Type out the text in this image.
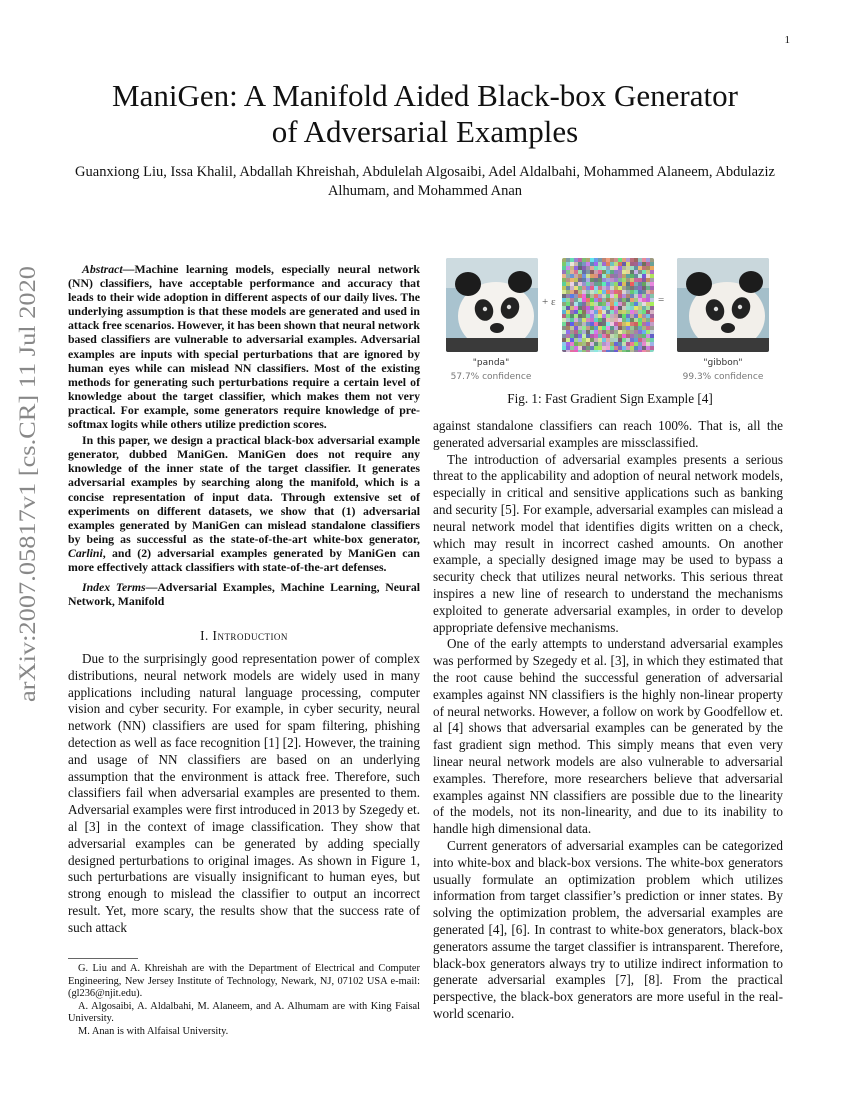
1
arXiv:2007.05817v1 [cs.CR] 11 Jul 2020
ManiGen: A Manifold Aided Black-box Generator
of Adversarial Examples
Guanxiong Liu, Issa Khalil, Abdallah Khreishah, Abdulelah Algosaibi, Adel Aldalbahi, Mohammed Alaneem, Abdulaziz Alhumam, and Mohammed Anan

Abstract—Machine learning models, especially neural network (NN) classifiers, have acceptable performance and accuracy that leads to their wide adoption in different aspects of our daily lives. The underlying assumption is that these models are generated and used in attack free scenarios. However, it has been shown that neural network based classifiers are vulnerable to adversarial examples. Adversarial examples are inputs with special perturbations that are ignored by human eyes while can mislead NN classifiers. Most of the existing methods for generating such perturbations require a certain level of knowledge about the target classifier, which makes them not very practical. For example, some generators require knowledge of pre-softmax logits while others utilize prediction scores.

In this paper, we design a practical black-box adversarial example generator, dubbed ManiGen. ManiGen does not require any knowledge of the inner state of the target classifier. It generates adversarial examples by searching along the manifold, which is a concise representation of input data. Through extensive set of experiments on different datasets, we show that (1) adversarial examples generated by ManiGen can mislead standalone classifiers by being as successful as the state-of-the-art white-box generator, Carlini, and (2) adversarial examples generated by ManiGen can more effectively attack classifiers with state-of-the-art defenses.

Index Terms—Adversarial Examples, Machine Learning, Neural Network, Manifold

I. Introduction

Due to the surprisingly good representation power of complex distributions, neural network models are widely used in many applications including natural language processing, computer vision and cyber security. For example, in cyber security, neural network (NN) classifiers are used for spam filtering, phishing detection as well as face recognition [1] [2]. However, the training and usage of NN classifiers are based on an underlying assumption that the environment is attack free. Therefore, such classifiers fail when adversarial examples are presented to them. Adversarial examples were first introduced in 2013 by Szegedy et. al [3] in the context of image classification. They show that adversarial examples can be generated by adding specially designed perturbations to original images. As shown in Figure 1, such perturbations are visually insignificant to human eyes, but strong enough to mislead the classifier to output an incorrect result. Yet, more scary, the results show that the success rate of such attack

G. Liu and A. Khreishah are with the Department of Electrical and Computer Engineering, New Jersey Institute of Technology, Newark, NJ, 07102 USA e-mail: (gl236@njit.edu).

A. Algosaibi, A. Aldalbahi, M. Alaneem, and A. Alhumam are with King Faisal University.

M. Anan is with Alfaisal University.

+ ε	=
"panda"
57.7% confidence
"gibbon"
99.3% confidence
Fig. 1: Fast Gradient Sign Example [4]

against standalone classifiers can reach 100%. That is, all the generated adversarial examples are missclassified.

The introduction of adversarial examples presents a serious threat to the applicability and adoption of neural network models, especially in critical and sensitive applications such as banking and security [5]. For example, adversarial examples can mislead a neural network model that identifies digits written on a check, which may result in incorrect cashed amounts. On another example, a specially designed image may be used to bypass a security check that utilizes neural networks. This serious threat inspires a new line of research to understand the mechanisms exploited to generate adversarial examples, in order to develop appropriate defensive mechanisms.

One of the early attempts to understand adversarial examples was performed by Szegedy et al. [3], in which they estimated that the root cause behind the successful generation of adversarial examples against NN classifiers is the highly non-linear property of neural networks. However, a follow on work by Goodfellow et. al [4] shows that adversarial examples can be generated by the fast gradient sign method. This simply means that even very linear neural network models are also vulnerable to adversarial examples. Therefore, more researchers believe that adversarial examples against NN classifiers are possible due to the linearity of the models, not its non-linearity, and due to its inability to handle high dimensional data.

Current generators of adversarial examples can be categorized into white-box and black-box versions. The white-box generators usually formulate an optimization problem which utilizes information from target classifier’s prediction or inner states. By solving the optimization problem, the adversarial examples are generated [4], [6]. In contrast to white-box generators, black-box generators assume the target classifier is intransparent. Therefore, black-box generators always try to utilize indirect information to generate adversarial examples [7], [8]. From the practical perspective, the black-box generators are more useful in the real-world scenario.
